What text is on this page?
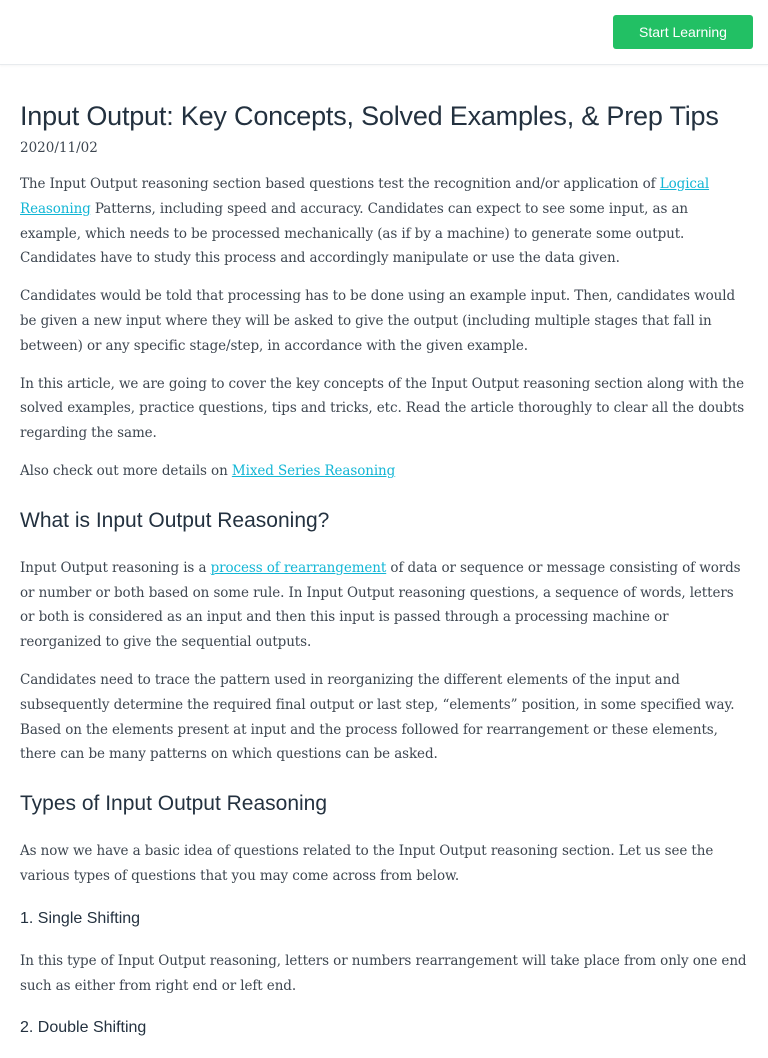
Start Learning
Input Output: Key Concepts, Solved Examples, & Prep Tips
2020/11/02

The Input Output reasoning section based questions test the recognition and/or application of Logical Reasoning Patterns, including speed and accuracy. Candidates can expect to see some input, as an example, which needs to be processed mechanically (as if by a machine) to generate some output. Candidates have to study this process and accordingly manipulate or use the data given.

Candidates would be told that processing has to be done using an example input. Then, candidates would be given a new input where they will be asked to give the output (including multiple stages that fall in between) or any specific stage/step, in accordance with the given example.

In this article, we are going to cover the key concepts of the Input Output reasoning section along with the solved examples, practice questions, tips and tricks, etc. Read the article thoroughly to clear all the doubts regarding the same.

Also check out more details on Mixed Series Reasoning

What is Input Output Reasoning?

Input Output reasoning is a process of rearrangement of data or sequence or message consisting of words or number or both based on some rule. In Input Output reasoning questions, a sequence of words, letters or both is considered as an input and then this input is passed through a processing machine or reorganized to give the sequential outputs.

Candidates need to trace the pattern used in reorganizing the different elements of the input and subsequently determine the required final output or last step, “elements” position, in some specified way. Based on the elements present at input and the process followed for rearrangement or these elements, there can be many patterns on which questions can be asked.

Types of Input Output Reasoning

As now we have a basic idea of questions related to the Input Output reasoning section. Let us see the various types of questions that you may come across from below.

1. Single Shifting

In this type of Input Output reasoning, letters or numbers rearrangement will take place from only one end such as either from right end or left end.

2. Double Shifting
